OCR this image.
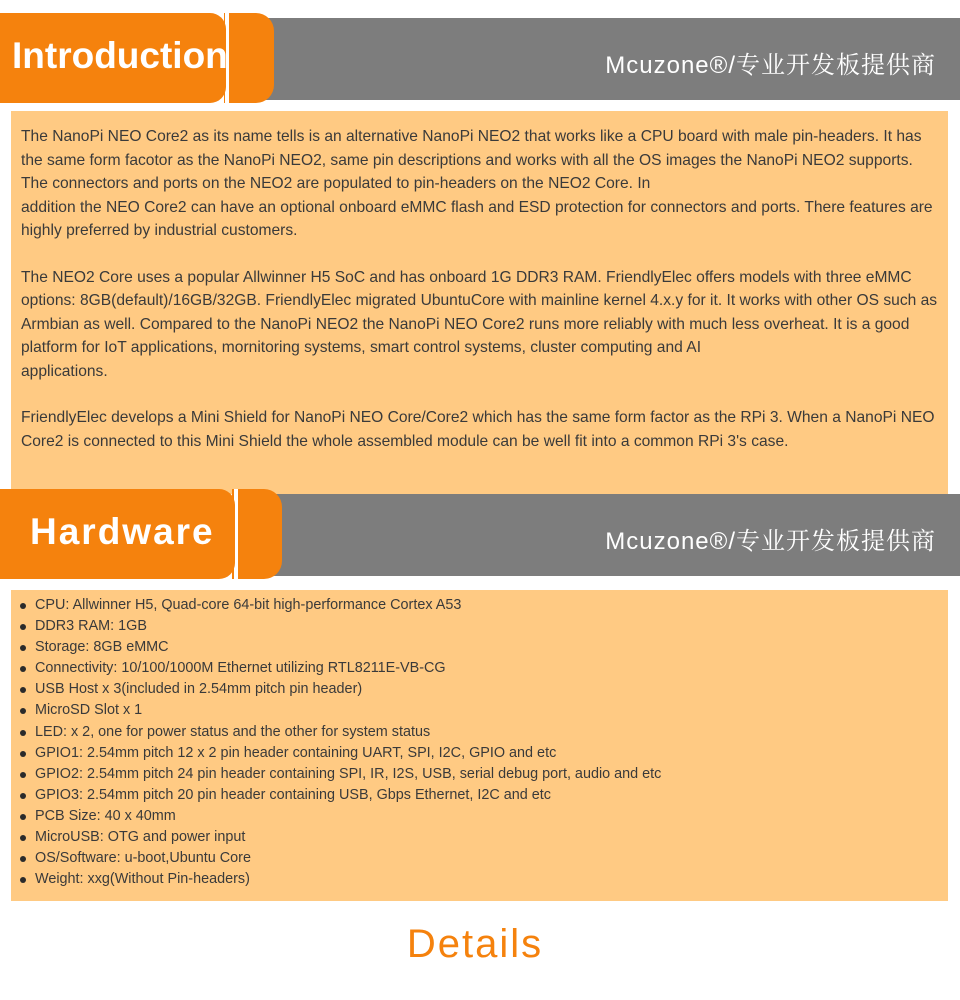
Introduction	Mcuzone®/专业开发板提供商

The NanoPi NEO Core2 as its name tells is an alternative NanoPi NEO2 that works like a CPU board with male pin-headers. It has the same form facotor as the NanoPi NEO2, same pin descriptions and works with all the OS images the NanoPi NEO2 supports. The connectors and ports on the NEO2 are populated to pin-headers on the NEO2 Core. In
addition the NEO Core2 can have an optional onboard eMMC flash and ESD protection for connectors and ports. There features are highly preferred by industrial customers.

The NEO2 Core uses a popular Allwinner H5 SoC and has onboard 1G DDR3 RAM. FriendlyElec offers models with three eMMC options: 8GB(default)/16GB/32GB. FriendlyElec migrated UbuntuCore with mainline kernel 4.x.y for it. It works with other OS such as Armbian as well. Compared to the NanoPi NEO2 the NanoPi NEO Core2 runs more reliably with much less overheat. It is a good platform for IoT applications, mornitoring systems, smart control systems, cluster computing and AI
applications.

FriendlyElec develops a Mini Shield for NanoPi NEO Core/Core2 which has the same form factor as the RPi 3. When a NanoPi NEO Core2 is connected to this Mini Shield the whole assembled module can be well fit into a common RPi 3's case.

Hardware	Mcuzone®/专业开发板提供商
CPU: Allwinner H5, Quad-core 64-bit high-performance Cortex A53
DDR3 RAM: 1GB
Storage: 8GB eMMC
Connectivity: 10/100/1000M Ethernet utilizing RTL8211E-VB-CG
USB Host x 3(included in 2.54mm pitch pin header)
MicroSD Slot x 1
LED: x 2, one for power status and the other for system status
GPIO1: 2.54mm pitch 12 x 2 pin header containing UART, SPI, I2C, GPIO and etc
GPIO2: 2.54mm pitch 24 pin header containing SPI, IR, I2S, USB, serial debug port, audio and etc
GPIO3: 2.54mm pitch 20 pin header containing USB, Gbps Ethernet, I2C and etc
PCB Size: 40 x 40mm
MicroUSB: OTG and power input
OS/Software: u-boot,Ubuntu Core
Weight: xxg(Without Pin-headers)
Details
